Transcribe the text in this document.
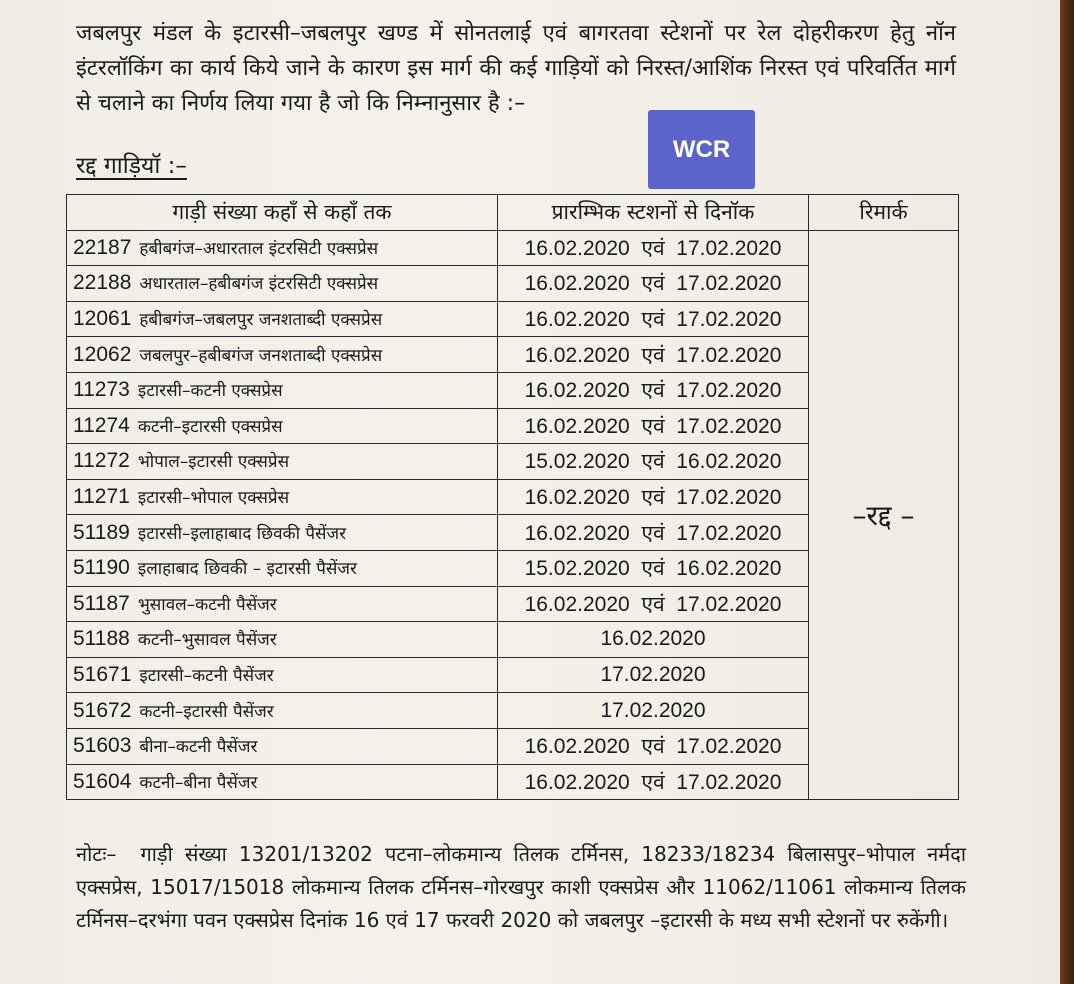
जबलपुर मंडल के इटारसी–जबलपुर खण्ड में सोनतलाई एवं बागरतवा स्टेशनों पर रेल दोहरीकरण हेतु नॉन इंटरलॉकिंग का कार्य किये जाने के कारण इस मार्ग की कई गाड़ियों को निरस्त/आशिंक निरस्त एवं परिवर्तित मार्ग से चलाने का निर्णय लिया गया है जो कि निम्नानुसार है :–

रद्द गाड़ियॉ :–
WCR
गाड़ी संख्या कहाँ से कहाँ तक	प्रारम्भिक स्टशनों से दिनॉक	रिमार्क
22187 हबीबगंज–अधारताल इंटरसिटी एक्सप्रेस	16.02.2020  एवं  17.02.2020	–रद्द –
22188 अधारताल–हबीबगंज इंटरसिटी एक्सप्रेस	16.02.2020  एवं  17.02.2020	
12061 हबीबगंज–जबलपुर जनशताब्दी एक्सप्रेस	16.02.2020  एवं  17.02.2020	
12062 जबलपुर–हबीबगंज जनशताब्दी एक्सप्रेस	16.02.2020  एवं  17.02.2020	
11273 इटारसी–कटनी एक्सप्रेस	16.02.2020  एवं  17.02.2020	
11274 कटनी–इटारसी एक्सप्रेस	16.02.2020  एवं  17.02.2020	
11272 भोपाल–इटारसी एक्सप्रेस	15.02.2020  एवं  16.02.2020	
11271 इटारसी–भोपाल एक्सप्रेस	16.02.2020  एवं  17.02.2020	
51189 इटारसी–इलाहाबाद छिवकी पैसेंजर	16.02.2020  एवं  17.02.2020	
51190 इलाहाबाद छिवकी – इटारसी पैसेंजर	15.02.2020  एवं  16.02.2020	
51187 भुसावल–कटनी पैसेंजर	16.02.2020  एवं  17.02.2020	
51188 कटनी–भुसावल पैसेंजर	16.02.2020	
51671 इटारसी–कटनी पैसेंजर	17.02.2020	
51672 कटनी–इटारसी पैसेंजर	17.02.2020	
51603 बीना–कटनी पैसेंजर	16.02.2020  एवं  17.02.2020	
51604 कटनी–बीना पैसेंजर	16.02.2020  एवं  17.02.2020	
नोटः– गाड़ी संख्या 13201/13202 पटना–लोकमान्य तिलक टर्मिनस, 18233/18234 बिलासपुर–भोपाल नर्मदा एक्सप्रेस, 15017/15018 लोकमान्य तिलक टर्मिनस–गोरखपुर काशी एक्सप्रेस और 11062/11061 लोकमान्य तिलक टर्मिनस–दरभंगा पवन एक्सप्रेस दिनांक 16 एवं 17 फरवरी 2020 को जबलपुर –इटारसी के मध्य सभी स्टेशनों पर रुकेंगी।
